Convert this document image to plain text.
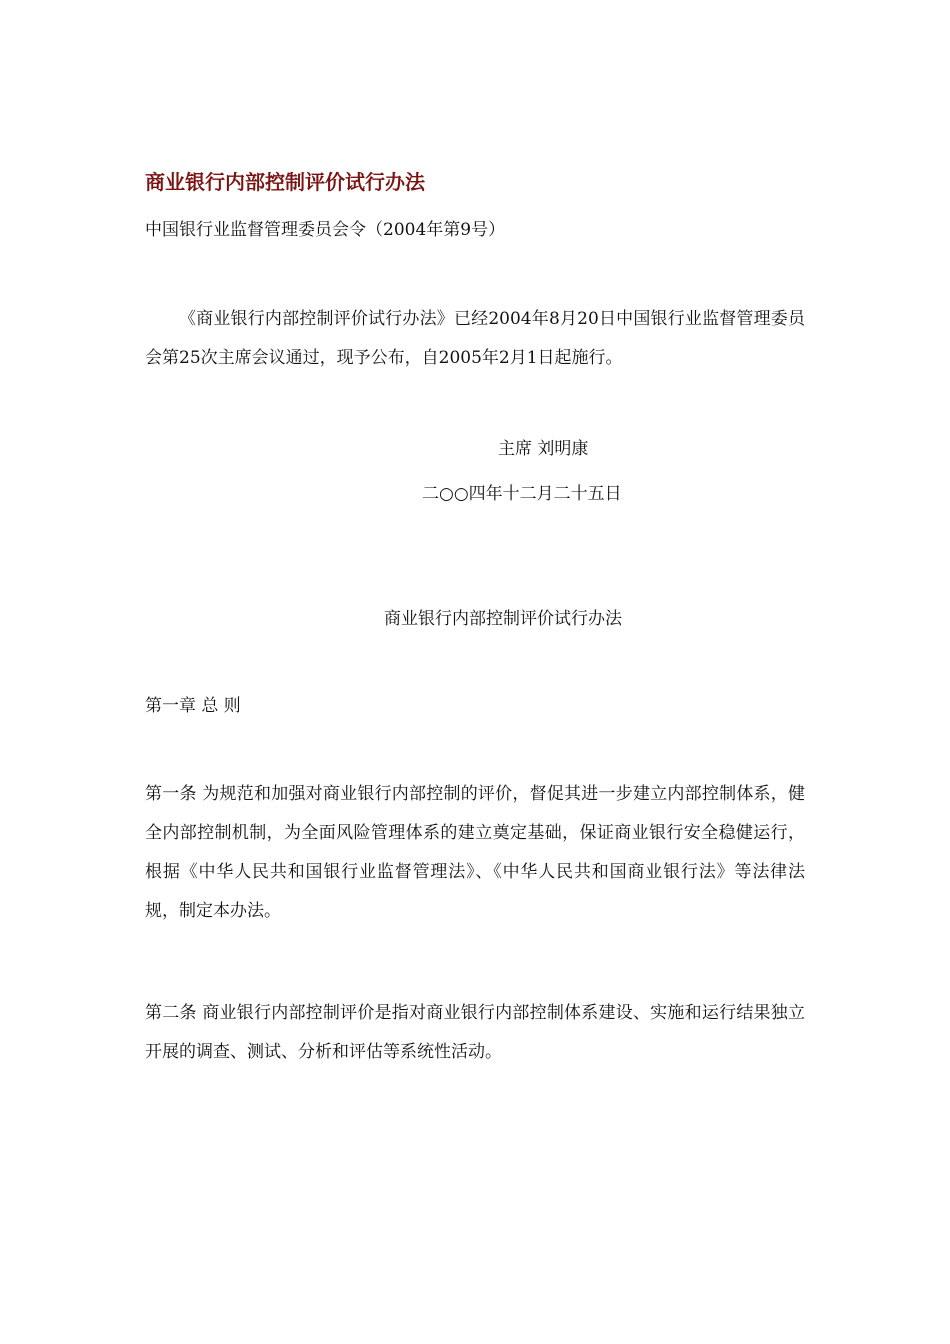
商业银行内部控制评价试行办法
中国银行业监督管理委员会令（2004年第9号）

《商业银行内部控制评价试行办法》已经2004年8月20日中国银行业监督管理委员会第25次主席会议通过，现予公布，自2005年2月1日起施行。

主席 刘明康
二○○四年十二月二十五日
商业银行内部控制评价试行办法
第一章 总 则

第一条 为规范和加强对商业银行内部控制的评价，督促其进一步建立内部控制体系，健全内部控制机制，为全面风险管理体系的建立奠定基础，保证商业银行安全稳健运行，根据《中华人民共和国银行业监督管理法》、《中华人民共和国商业银行法》等法律法规，制定本办法。

第二条 商业银行内部控制评价是指对商业银行内部控制体系建设、实施和运行结果独立开展的调查、测试、分析和评估等系统性活动。
